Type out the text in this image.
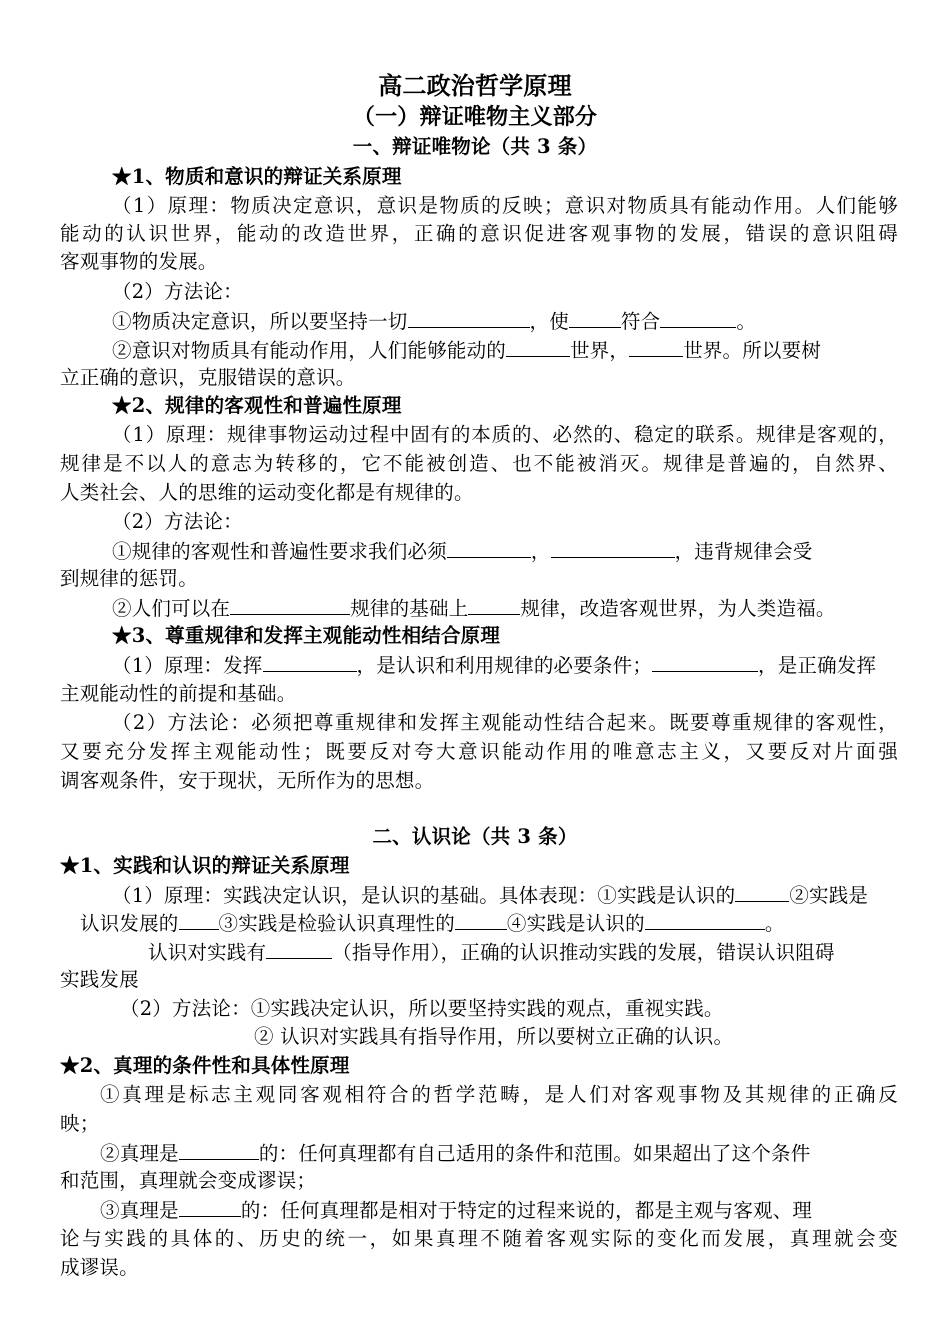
高二政治哲学原理
（一）辩证唯物主义部分
一、辩证唯物论（共 3 条）
★1、物质和意识的辩证关系原理
（1）原理：物质决定意识，意识是物质的反映；意识对物质具有能动作用。人们能够
能动的认识世界，能动的改造世界，正确的意识促进客观事物的发展，错误的意识阻碍
客观事物的发展。
（2）方法论：
①物质决定意识，所以要坚持一切	，使	符合	。
②意识对物质具有能动作用，人们能够能动的	世界，	世界。所以要树
立正确的意识，克服错误的意识。
★2、规律的客观性和普遍性原理
（1）原理：规律事物运动过程中固有的本质的、必然的、稳定的联系。规律是客观的，
规律是不以人的意志为转移的，它不能被创造、也不能被消灭。规律是普遍的，自然界、
人类社会、人的思维的运动变化都是有规律的。
（2）方法论：
①规律的客观性和普遍性要求我们必须	，	，违背规律会受
到规律的惩罚。
②人们可以在	规律的基础上	规律，改造客观世界，为人类造福。
★3、尊重规律和发挥主观能动性相结合原理
（1）原理：发挥	，是认识和利用规律的必要条件；	，是正确发挥
主观能动性的前提和基础。
（2）方法论：必须把尊重规律和发挥主观能动性结合起来。既要尊重规律的客观性，
又要充分发挥主观能动性；既要反对夸大意识能动作用的唯意志主义，又要反对片面强
调客观条件，安于现状，无所作为的思想。
二、认识论（共 3 条）
★1、实践和认识的辩证关系原理
（1）原理：实践决定认识，是认识的基础。具体表现：①实践是认识的	②实践是
认识发展的 ③实践是检验认识真理性的	④实践是认识的	。
认识对实践有	（指导作用），正确的认识推动实践的发展，错误认识阻碍
实践发展
（2）方法论：①实践决定认识，所以要坚持实践的观点，重视实践。
② 认识对实践具有指导作用，所以要树立正确的认识。
★2、真理的条件性和具体性原理
①真理是标志主观同客观相符合的哲学范畴，是人们对客观事物及其规律的正确反
映；
②真理是	的：任何真理都有自己适用的条件和范围。如果超出了这个条件
和范围，真理就会变成谬误；
③真理是	的：任何真理都是相对于特定的过程来说的，都是主观与客观、理
论与实践的具体的、历史的统一，如果真理不随着客观实际的变化而发展，真理就会变
成谬误。
